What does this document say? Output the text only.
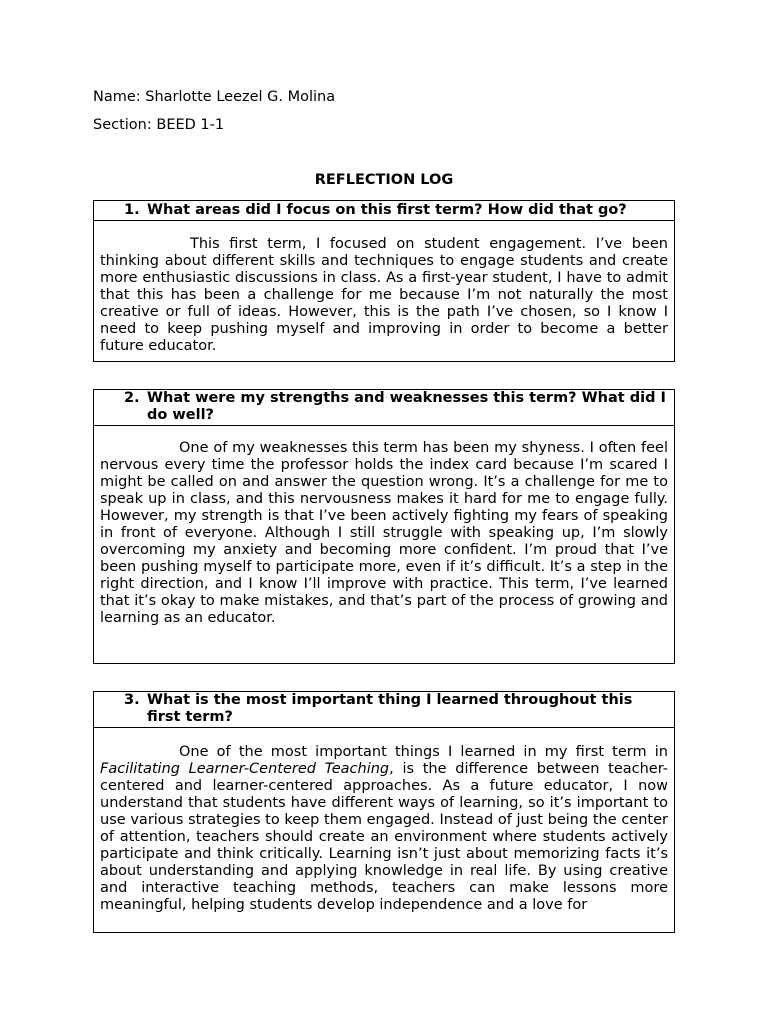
Name: Sharlotte Leezel G. Molina
Section: BEED 1-1
REFLECTION LOG
1. What areas did I focus on this first term? How did that go?

This first term, I focused on student engagement. I’ve been thinking about different skills and techniques to engage students and create more enthusiastic discussions in class. As a first-year student, I have to admit that this has been a challenge for me because I’m not naturally the most creative or full of ideas. However, this is the path I’ve chosen, so I know I need to keep pushing myself and improving in order to become a better future educator.

2. What were my strengths and weaknesses this term? What did I do well?

One of my weaknesses this term has been my shyness. I often feel nervous every time the professor holds the index card because I’m scared I might be called on and answer the question wrong. It’s a challenge for me to speak up in class, and this nervousness makes it hard for me to engage fully. However, my strength is that I’ve been actively fighting my fears of speaking in front of everyone. Although I still struggle with speaking up, I’m slowly overcoming my anxiety and becoming more confident. I’m proud that I’ve been pushing myself to participate more, even if it’s difficult. It’s a step in the right direction, and I know I’ll improve with practice. This term, I’ve learned that it’s okay to make mistakes, and that’s part of the process of growing and learning as an educator.

3. What is the most important thing I learned throughout this first term?

One of the most important things I learned in my first term in Facilitating Learner-Centered Teaching, is the difference between teacher-centered and learner-centered approaches. As a future educator, I now understand that students have different ways of learning, so it’s important to use various strategies to keep them engaged. Instead of just being the center of attention, teachers should create an environment where students actively participate and think critically. Learning isn’t just about memorizing facts it’s about understanding and applying knowledge in real life. By using creative and interactive teaching methods, teachers can make lessons more meaningful, helping students develop independence and a love for
